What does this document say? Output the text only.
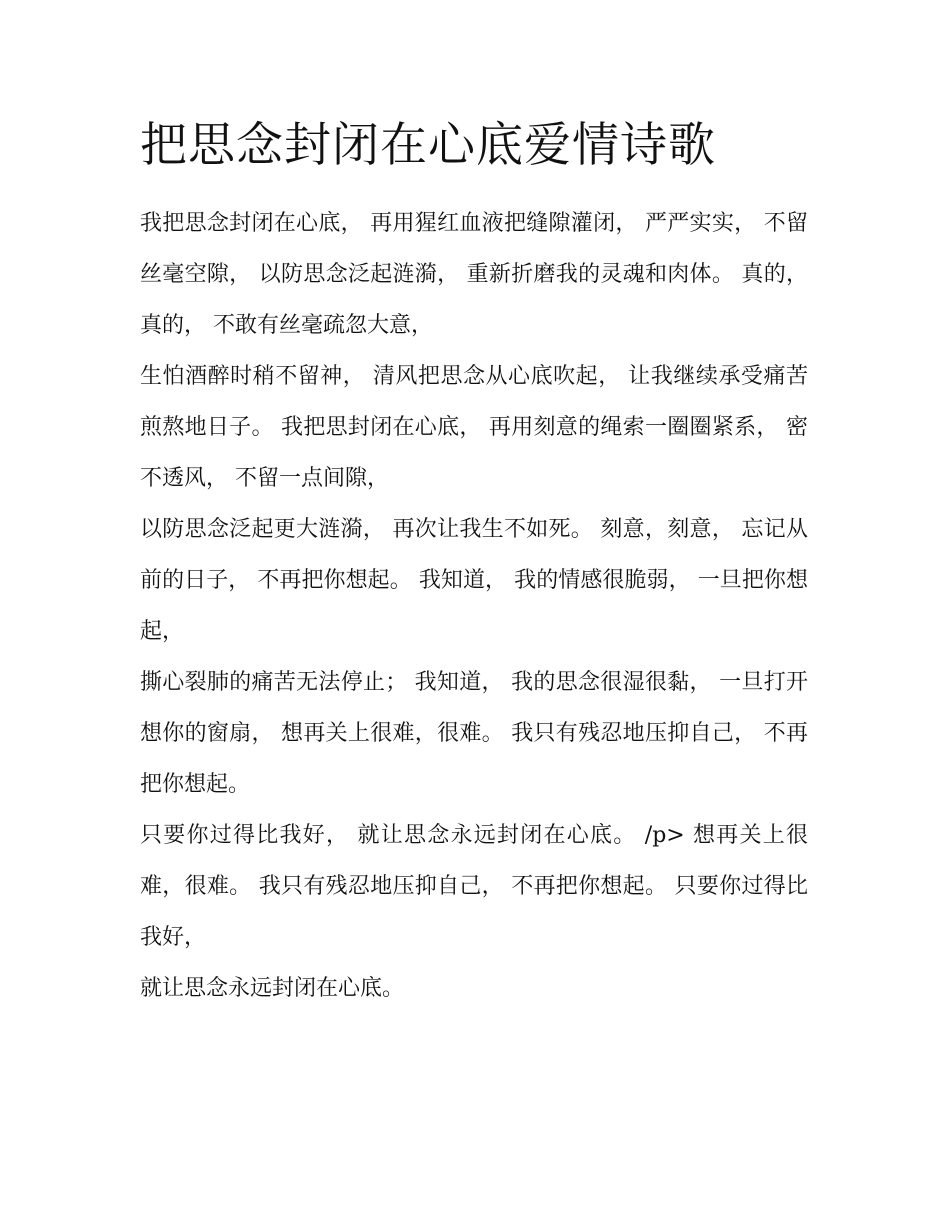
把思念封闭在心底爱情诗歌

我把思念封闭在心底， 再用猩红血液把缝隙灌闭， 严严实实， 不留丝毫空隙， 以防思念泛起涟漪， 重新折磨我的灵魂和肉体。 真的，真的， 不敢有丝毫疏忽大意，

生怕酒醉时稍不留神， 清风把思念从心底吹起， 让我继续承受痛苦煎熬地日子。 我把思封闭在心底， 再用刻意的绳索一圈圈紧系， 密不透风， 不留一点间隙，

以防思念泛起更大涟漪， 再次让我生不如死。 刻意，刻意， 忘记从前的日子， 不再把你想起。 我知道， 我的情感很脆弱， 一旦把你想起，

撕心裂肺的痛苦无法停止； 我知道， 我的思念很湿很黏， 一旦打开想你的窗扇， 想再关上很难，很难。 我只有残忍地压抑自己， 不再把你想起。

只要你过得比我好， 就让思念永远封闭在心底。 /p> 想再关上很难，很难。 我只有残忍地压抑自己， 不再把你想起。 只要你过得比我好，

就让思念永远封闭在心底。
